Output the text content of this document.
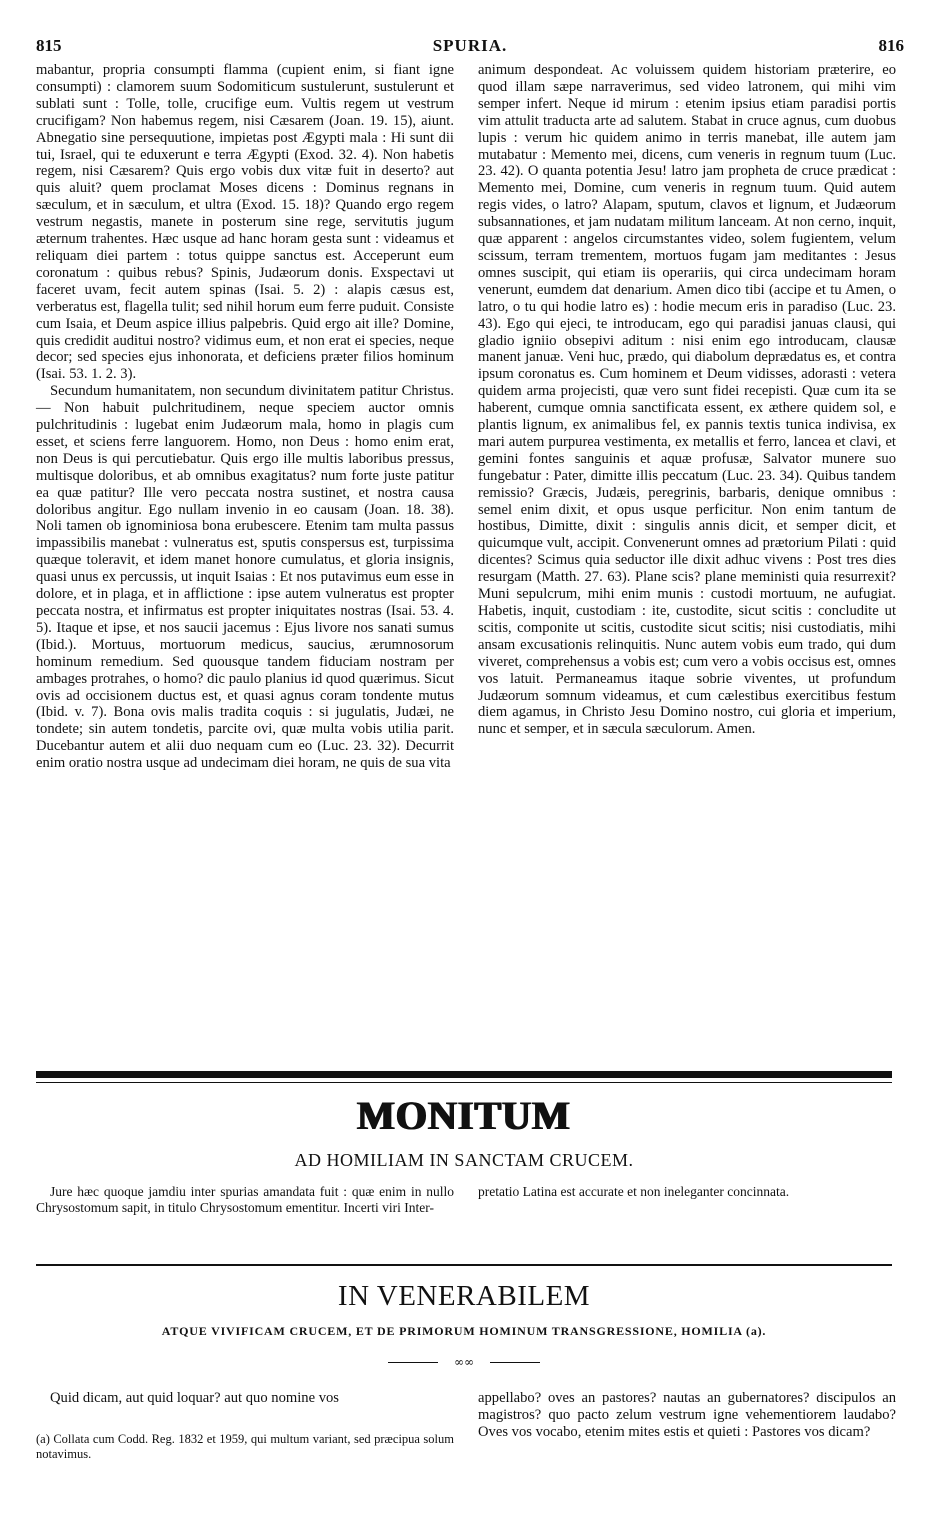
815	SPURIA.	816

mabantur, propria consumpti flamma (cupient enim, si fiant igne consumpti) : clamorem suum Sodomiticum sustulerunt, sustulerunt et sublati sunt : Tolle, tolle, crucifige eum. Vultis regem ut vestrum crucifigam? Non habemus regem, nisi Cæsarem (Joan. 19. 15), aiunt. Abnegatio sine persequutione, impietas post Ægypti mala : Hi sunt dii tui, Israel, qui te eduxerunt e terra Ægypti (Exod. 32. 4). Non habetis regem, nisi Cæsarem? Quis ergo vobis dux vitæ fuit in deserto? aut quis aluit? quem proclamat Moses dicens : Dominus regnans in sæculum, et in sæculum, et ultra (Exod. 15. 18)? Quando ergo regem vestrum negastis, manete in posterum sine rege, servitutis jugum æternum trahentes. Hæc usque ad hanc horam gesta sunt : videamus et reliquam diei partem : totus quippe sanctus est. Acceperunt eum coronatum : quibus rebus? Spinis, Judæorum donis. Exspectavi ut faceret uvam, fecit autem spinas (Isai. 5. 2) : alapis cæsus est, verberatus est, flagella tulit; sed nihil horum eum ferre puduit. Consiste cum Isaia, et Deum aspice illius palpebris. Quid ergo ait ille? Domine, quis credidit auditui nostro? vidimus eum, et non erat ei species, neque decor; sed species ejus inhonorata, et deficiens præter filios hominum (Isai. 53. 1. 2. 3).

Secundum humanitatem, non secundum divinitatem patitur Christus. — Non habuit pulchritudinem, neque speciem auctor omnis pulchritudinis : lugebat enim Judæorum mala, homo in plagis cum esset, et sciens ferre languorem. Homo, non Deus : homo enim erat, non Deus is qui percutiebatur. Quis ergo ille multis laboribus pressus, multisque doloribus, et ab omnibus exagitatus? num forte juste patitur ea quæ patitur? Ille vero peccata nostra sustinet, et nostra causa doloribus angitur. Ego nullam invenio in eo causam (Joan. 18. 38). Noli tamen ob ignominiosa bona erubescere. Etenim tam multa passus impassibilis manebat : vulneratus est, sputis conspersus est, turpissima quæque toleravit, et idem manet honore cumulatus, et gloria insignis, quasi unus ex percussis, ut inquit Isaias : Et nos putavimus eum esse in dolore, et in plaga, et in afflictione : ipse autem vulneratus est propter peccata nostra, et infirmatus est propter iniquitates nostras (Isai. 53. 4. 5). Itaque et ipse, et nos saucii jacemus : Ejus livore nos sanati sumus (Ibid.). Mortuus, mortuorum medicus, saucius, ærumnosorum hominum remedium. Sed quousque tandem fiduciam nostram per ambages protrahes, o homo? dic paulo planius id quod quærimus. Sicut ovis ad occisionem ductus est, et quasi agnus coram tondente mutus (Ibid. v. 7). Bona ovis malis tradita coquis : si jugulatis, Judæi, ne tondete; sin autem tondetis, parcite ovi, quæ multa vobis utilia parit. Ducebantur autem et alii duo nequam cum eo (Luc. 23. 32). Decurrit enim oratio nostra usque ad undecimam diei horam, ne quis de sua vita

animum despondeat. Ac voluissem quidem historiam præterire, eo quod illam sæpe narraverimus, sed video latronem, qui mihi vim semper infert. Neque id mirum : etenim ipsius etiam paradisi portis vim attulit traducta arte ad salutem. Stabat in cruce agnus, cum duobus lupis : verum hic quidem animo in terris manebat, ille autem jam mutabatur : Memento mei, dicens, cum veneris in regnum tuum (Luc. 23. 42). O quanta potentia Jesu! latro jam propheta de cruce prædicat : Memento mei, Domine, cum veneris in regnum tuum. Quid autem regis vides, o latro? Alapam, sputum, clavos et lignum, et Judæorum subsannationes, et jam nudatam militum lanceam. At non cerno, inquit, quæ apparent : angelos circumstantes video, solem fugientem, velum scissum, terram trementem, mortuos fugam jam meditantes : Jesus omnes suscipit, qui etiam iis operariis, qui circa undecimam horam venerunt, eumdem dat denarium. Amen dico tibi (accipe et tu Amen, o latro, o tu qui hodie latro es) : hodie mecum eris in paradiso (Luc. 23. 43). Ego qui ejeci, te introducam, ego qui paradisi januas clausi, qui gladio igniio obsepivi aditum : nisi enim ego introducam, clausæ manent januæ. Veni huc, prædo, qui diabolum deprædatus es, et contra ipsum coronatus es. Cum hominem et Deum vidisses, adorasti : vetera quidem arma projecisti, quæ vero sunt fidei recepisti. Quæ cum ita se haberent, cumque omnia sanctificata essent, ex æthere quidem sol, e plantis lignum, ex animalibus fel, ex pannis textis tunica indivisa, ex mari autem purpurea vestimenta, ex metallis et ferro, lancea et clavi, et gemini fontes sanguinis et aquæ profusæ, Salvator munere suo fungebatur : Pater, dimitte illis peccatum (Luc. 23. 34). Quibus tandem remissio? Græcis, Judæis, peregrinis, barbaris, denique omnibus : semel enim dixit, et opus usque perficitur. Non enim tantum de hostibus, Dimitte, dixit : singulis annis dicit, et semper dicit, et quicumque vult, accipit. Convenerunt omnes ad prætorium Pilati : quid dicentes? Scimus quia seductor ille dixit adhuc vivens : Post tres dies resurgam (Matth. 27. 63). Plane scis? plane meministi quia resurrexit? Muni sepulcrum, mihi enim munis : custodi mortuum, ne aufugiat. Habetis, inquit, custodiam : ite, custodite, sicut scitis : concludite ut scitis, componite ut scitis, custodite sicut scitis; nisi custodiatis, mihi ansam excusationis relinquitis. Nunc autem vobis eum trado, qui dum viveret, comprehensus a vobis est; cum vero a vobis occisus est, omnes vos latuit. Permaneamus itaque sobrie viventes, ut profundum Judæorum somnum videamus, et cum cælestibus exercitibus festum diem agamus, in Christo Jesu Domino nostro, cui gloria et imperium, nunc et semper, et in sæcula sæculorum. Amen.

MONITUM
AD HOMILIAM IN SANCTAM CRUCEM.

Jure hæc quoque jamdiu inter spurias amandata fuit : quæ enim in nullo Chrysostomum sapit, in titulo Chrysostomum ementitur. Incerti viri Inter-

pretatio Latina est accurate et non ineleganter concinnata.

IN VENERABILEM
ATQUE VIVIFICAM CRUCEM, ET DE PRIMORUM HOMINUM TRANSGRESSIONE, HOMILIA (a).
∞∞

Quid dicam, aut quid loquar? aut quo nomine vos	appellabo? oves an pastores? nautas an gubernatores? discipulos an magistros? quo pacto zelum vestrum igne vehementiorem laudabo? Oves vos vocabo, etenim mites estis et quieti : Pastores vos dicam?

(a) Collata cum Codd. Reg. 1832 et 1959, qui multum variant, sed præcipua solum notavimus.
